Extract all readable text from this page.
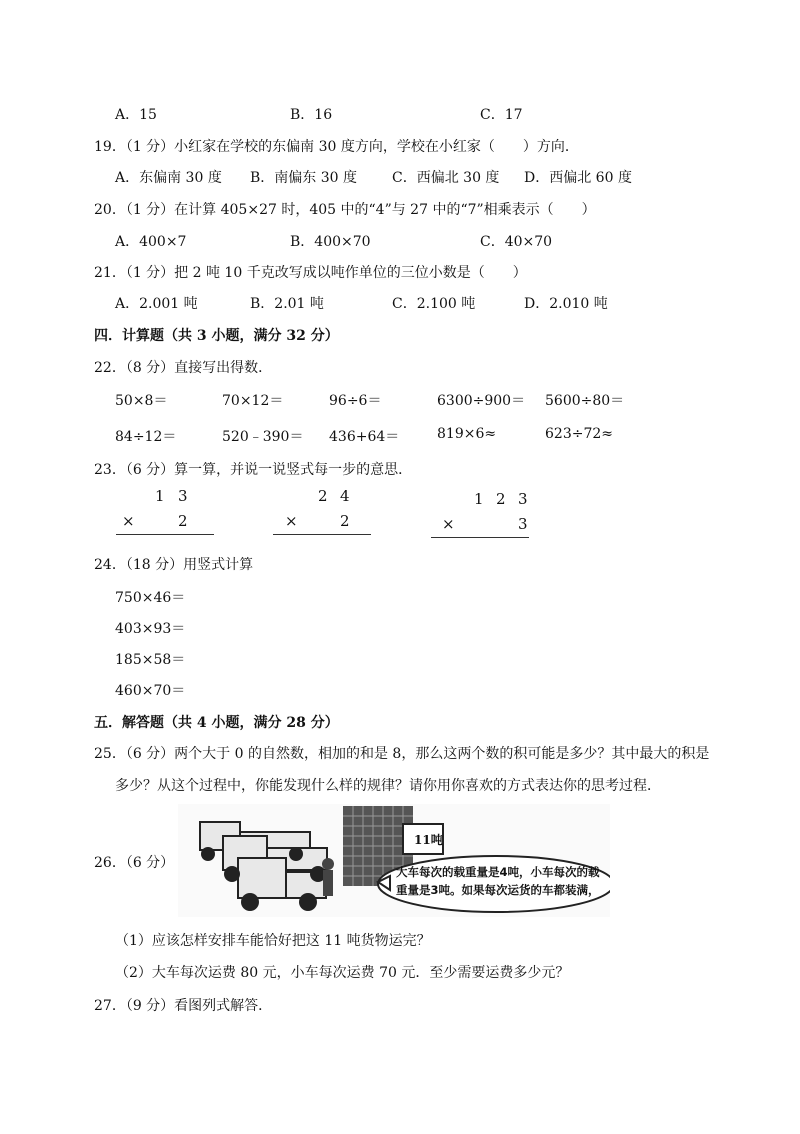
A．15	B．16	C．17
19．（1 分）小红家在学校的东偏南 30 度方向，学校在小红家（　　）方向．
A．东偏南 30 度 B．南偏东 30 度 C．西偏北 30 度 D．西偏北 60 度
20．（1 分）在计算 405×27 时，405 中的“4”与 27 中的“7”相乘表示（　　）
A．400×7	B．400×70	C．40×70
21．（1 分）把 2 吨 10 千克改写成以吨作单位的三位小数是（　　）
A．2.001 吨	B．2.01 吨	C．2.100 吨	D．2.010 吨
四．计算题（共 3 小题，满分 32 分）
22．（8 分）直接写出得数．
50×8＝	70×12＝	96÷6＝	6300÷900＝ 5600÷80＝
84÷12＝	520﹣390＝ 436+64＝	819×6≈	623÷72≈
23．（6 分）算一算，并说一说竖式每一步的意思．
1 3
×	2
2 4
×	2
1 2 3
×	3
24．（18 分）用竖式计算
750×46＝
403×93＝
185×58＝
460×70＝
五．解答题（共 4 小题，满分 28 分）
25．（6 分）两个大于 0 的自然数，相加的和是 8，那么这两个数的积可能是多少？其中最大的积是
多少？从这个过程中，你能发现什么样的规律？请你用你喜欢的方式表达你的思考过程．
26．（6 分）
11吨
大车每次的载重量是4吨，小车每次的载
重量是3吨。如果每次运货的车都装满，
（1）应该怎样安排车能恰好把这 11 吨货物运完？
（2）大车每次运费 80 元，小车每次运费 70 元．至少需要运费多少元？
27．（9 分）看图列式解答．
